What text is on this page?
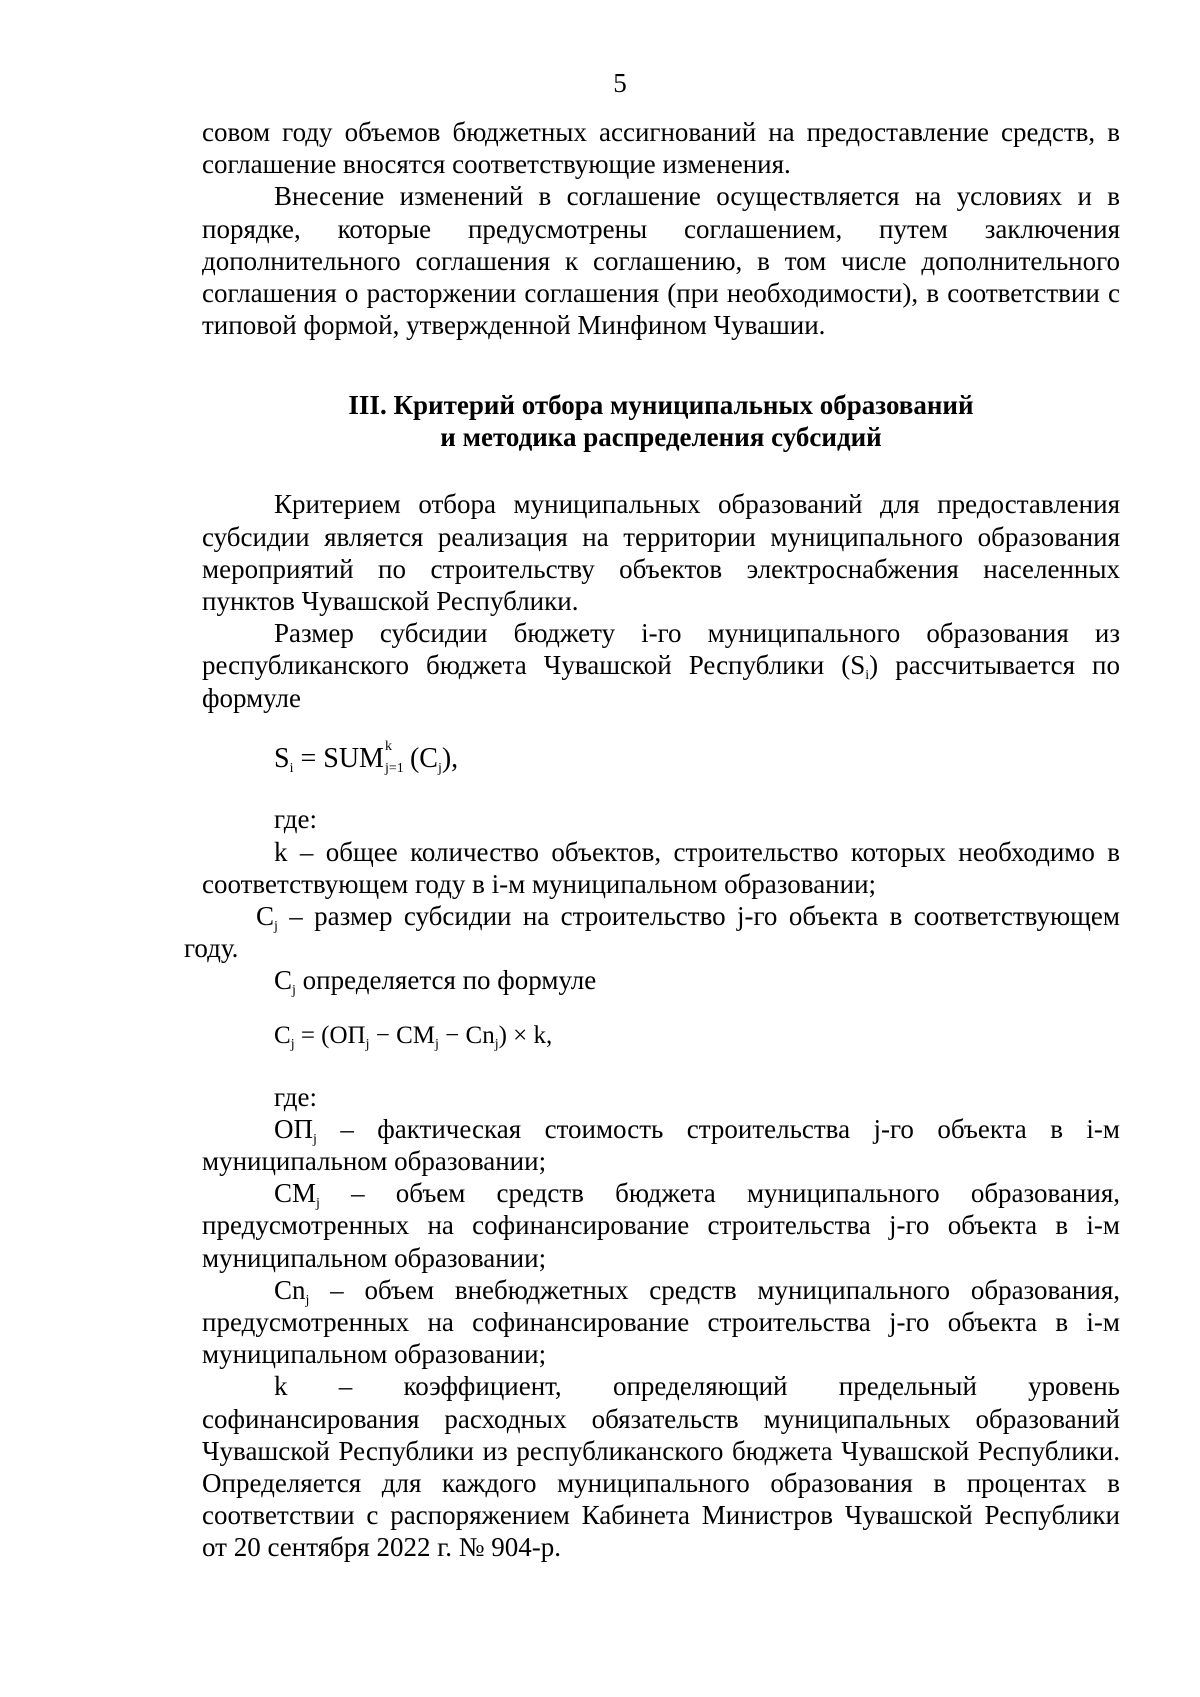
5

совом году объемов бюджетных ассигнований на предоставление средств, в соглашение вносятся соответствующие изменения.

Внесение изменений в соглашение осуществляется на условиях и в порядке, которые предусмотрены соглашением, путем заключения дополнительного соглашения к соглашению, в том числе дополнительного соглашения о расторжении соглашения (при необходимости), в соответствии с типовой формой, утвержденной Минфином Чувашии.

III. Критерий отбора муниципальных образований
и методика распределения субсидий

Критерием отбора муниципальных образований для предоставления субсидии является реализация на территории муниципального образования мероприятий по строительству объектов электроснабжения населенных пунктов Чувашской Республики.

Размер субсидии бюджету i-го муниципального образования из республиканского бюджета Чувашской Республики $(S_i)$ рассчитывается по формуле

$S_i$ = SUM k
j=1 $(C_j)$,

где:

k – общее количество объектов, строительство которых необходимо в соответствующем году в i-м муниципальном образовании;

$C_j$ – размер субсидии на строительство j-го объекта в соответствующем году.

$C_j$ определяется по формуле

$C_j = (ОП_j - СМ_j - Cn_j) \times k$,

где:

$ОП_j$ – фактическая стоимость строительства j-го объекта в i-м муниципальном образовании;

$СМ_j$ – объем средств бюджета муниципального образования, предусмотренных на софинансирование строительства j-го объекта в i-м муниципальном образовании;

$Cn_j$ – объем внебюджетных средств муниципального образования, предусмотренных на софинансирование строительства j-го объекта в i-м муниципальном образовании;

k – коэффициент, определяющий предельный уровень софинансирования расходных обязательств муниципальных образований Чувашской Республики из республиканского бюджета Чувашской Республики. Определяется для каждого муниципального образования в процентах в соответствии с распоряжением Кабинета Министров Чувашской Республики от 20 сентября 2022 г. № 904-р.
